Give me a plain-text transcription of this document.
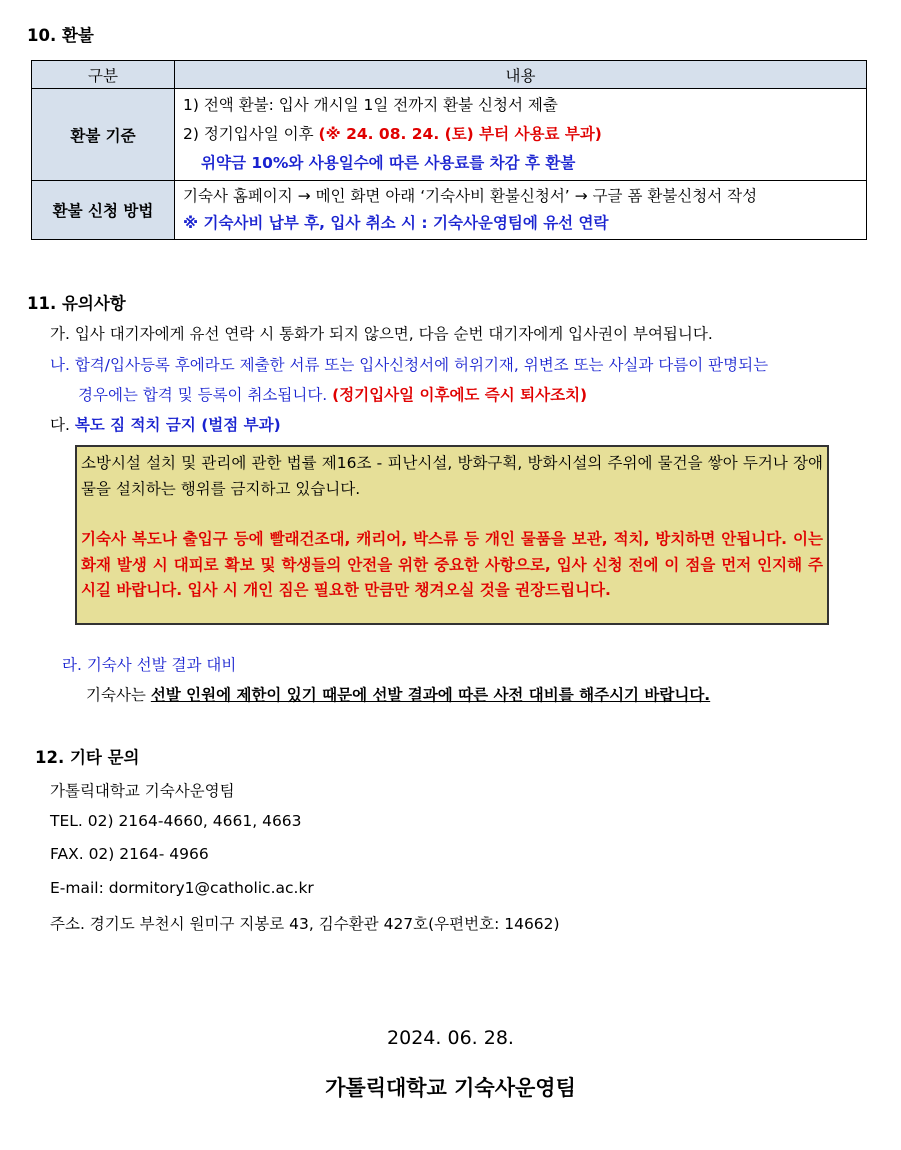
10. 환불
구분	내용
환불 기준	1) 전액 환불: 입사 개시일 1일 전까지 환불 신청서 제출
2) 정기입사일 이후 (※ 24. 08. 24. (토) 부터 사용료 부과)
위약금 10%와 사용일수에 따른 사용료를 차감 후 환불

환불 신청 방법	기숙사 홈페이지 → 메인 화면 아래 ‘기숙사비 환불신청서’ → 구글 폼 환불신청서 작성
※ 기숙사비 납부 후, 입사 취소 시 : 기숙사운영팀에 유선 연락
11. 유의사항
가. 입사 대기자에게 유선 연락 시 통화가 되지 않으면, 다음 순번 대기자에게 입사권이 부여됩니다.
나. 합격/입사등록 후에라도 제출한 서류 또는 입사신청서에 허위기재, 위변조 또는 사실과 다름이 판명되는
경우에는 합격 및 등록이 취소됩니다. (정기입사일 이후에도 즉시 퇴사조치)
다. 복도 짐 적치 금지 (벌점 부과)
소방시설 설치 및 관리에 관한 법률 제16조 - 피난시설, 방화구획, 방화시설의 주위에 물건을 쌓아 두거나 장애물을 설치하는 행위를 금지하고 있습니다.
기숙사 복도나 출입구 등에 빨래건조대, 캐리어, 박스류 등 개인 물품을 보관, 적치, 방치하면 안됩니다. 이는 화재 발생 시 대피로 확보 및 학생들의 안전을 위한 중요한 사항으로, 입사 신청 전에 이 점을 먼저 인지해 주시길 바랍니다. 입사 시 개인 짐은 필요한 만큼만 챙겨오실 것을 권장드립니다.
라. 기숙사 선발 결과 대비
기숙사는 선발 인원에 제한이 있기 때문에 선발 결과에 따른 사전 대비를 해주시기 바랍니다.
12. 기타 문의
가톨릭대학교 기숙사운영팀
TEL. 02) 2164-4660, 4661, 4663
FAX. 02) 2164- 4966
E-mail: dormitory1@catholic.ac.kr
주소. 경기도 부천시 원미구 지봉로 43, 김수환관 427호(우편번호: 14662)
2024. 06. 28.
가톨릭대학교 기숙사운영팀
